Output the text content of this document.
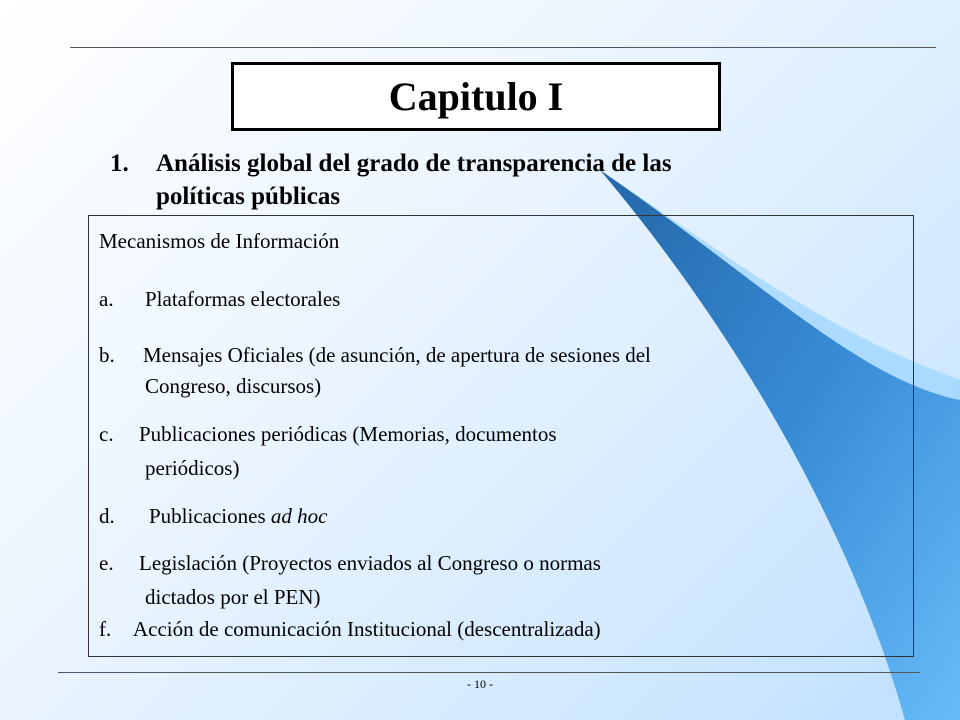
Capitulo I
1.	Análisis global del grado de transparencia de las
políticas públicas
Mecanismos de Información
a. Plataformas electorales
b. Mensajes Oficiales (de asunción, de apertura de sesiones del
Congreso, discursos)
c. Publicaciones periódicas (Memorias, documentos
periódicos)
d. Publicaciones ad hoc
e. Legislación (Proyectos enviados al Congreso o normas
dictados por el PEN)
f. Acción de comunicación Institucional (descentralizada)
- 10 -
